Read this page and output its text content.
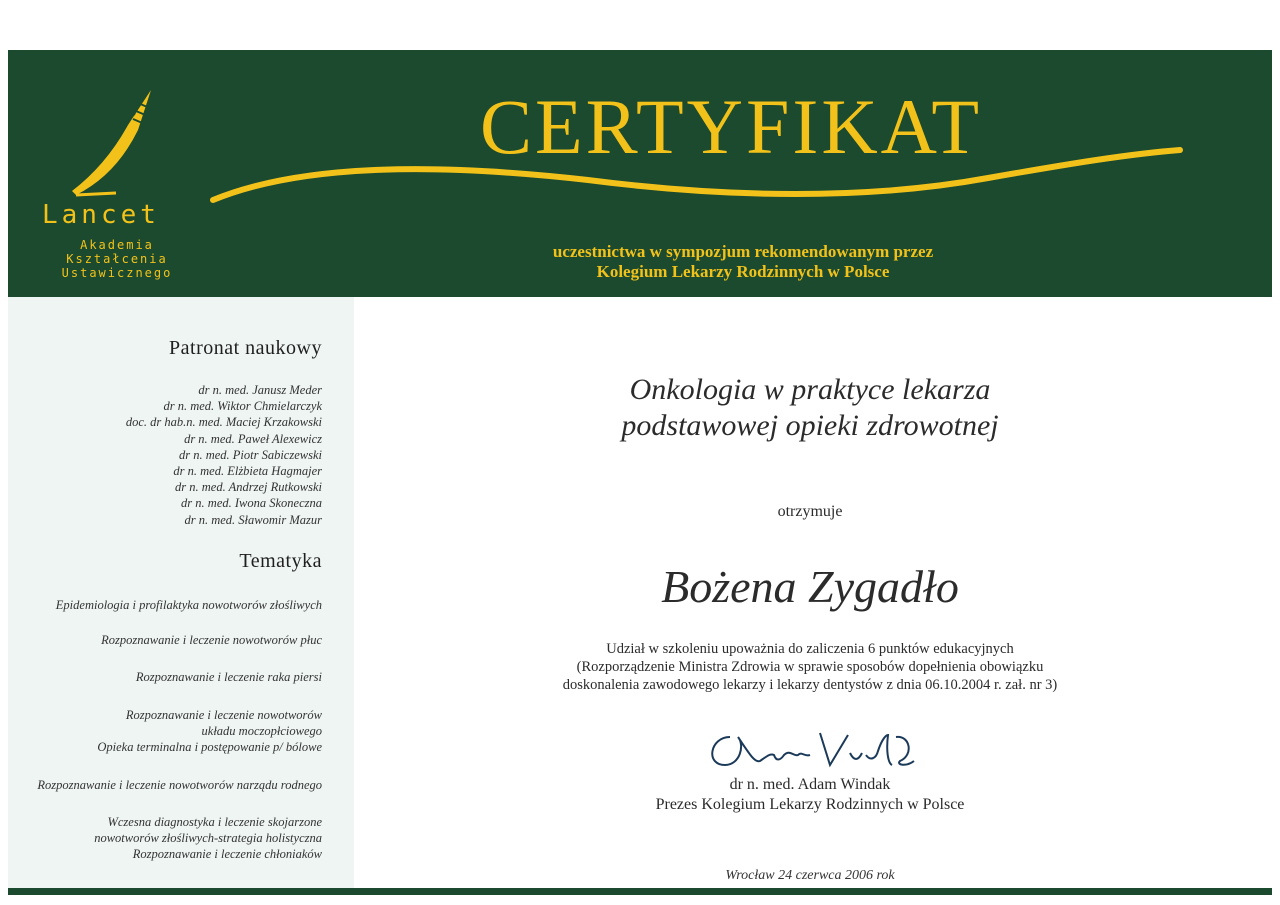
Lancet
Akademia
Kształcenia
Ustawicznego
CERTYFIKAT
uczestnictwa w sympozjum rekomendowanym przez
Kolegium Lekarzy Rodzinnych w Polsce
Patronat naukowy
dr n. med. Janusz Meder
dr n. med. Wiktor Chmielarczyk
doc. dr hab.n. med. Maciej Krzakowski
dr n. med. Paweł Alexewicz
dr n. med. Piotr Sabiczewski
dr n. med. Elżbieta Hagmajer
dr n. med. Andrzej Rutkowski
dr n. med. Iwona Skoneczna
dr n. med. Sławomir Mazur
Tematyka
Epidemiologia i profilaktyka nowotworów złośliwych
Rozpoznawanie i leczenie nowotworów płuc
Rozpoznawanie i leczenie raka piersi
Rozpoznawanie i leczenie nowotworów
układu moczopłciowego
Opieka terminalna i postępowanie p/ bólowe
Rozpoznawanie i leczenie nowotworów narządu rodnego
Wczesna diagnostyka i leczenie skojarzone
nowotworów złośliwych-strategia holistyczna
Rozpoznawanie i leczenie chłoniaków
Onkologia w praktyce lekarza
podstawowej opieki zdrowotnej
otrzymuje
Bożena Zygadło
Udział w szkoleniu upoważnia do zaliczenia 6 punktów edukacyjnych
(Rozporządzenie Ministra Zdrowia w sprawie sposobów dopełnienia obowiązku
doskonalenia zawodowego lekarzy i lekarzy dentystów z dnia 06.10.2004 r. zał. nr 3)
dr n. med. Adam Windak
Prezes Kolegium Lekarzy Rodzinnych w Polsce
Wrocław 24 czerwca 2006 rok
